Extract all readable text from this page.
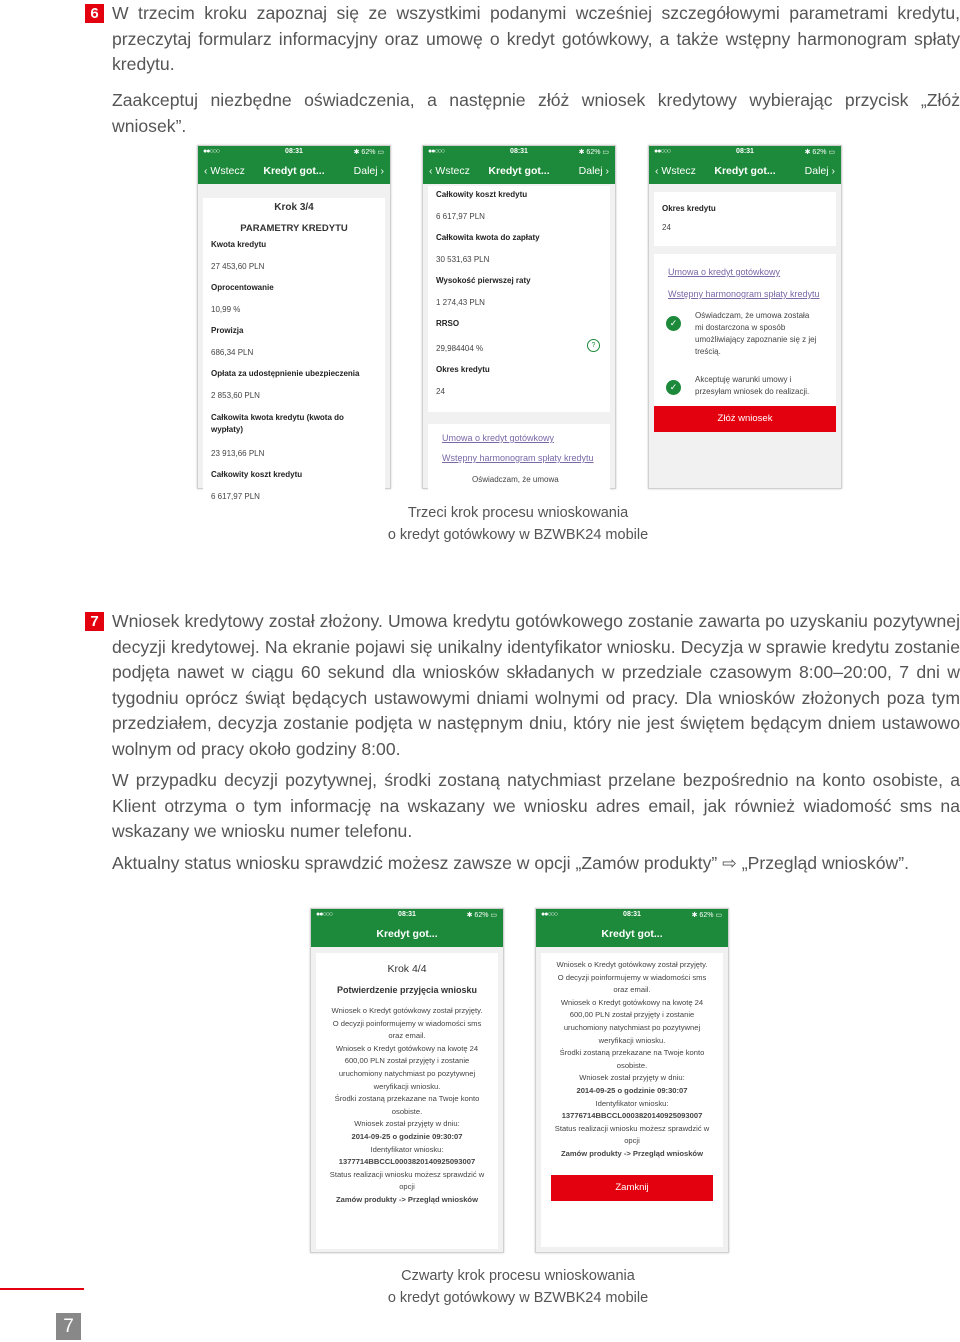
6 W trzecim kroku zapoznaj się ze wszystkimi podanymi wcześniej szczegółowymi parametrami kredytu, przeczytaj formularz informacyjny oraz umowę o kredyt gotówkowy, a także wstępny harmonogram spłaty kredytu.
Zaakceptuj niezbędne oświadczenia, a następnie złóż wniosek kredytowy wybierając przycisk „Złóż wniosek”.
●●○○○	08:31	✱ 62% ▭
‹ Wstecz	Kredyt got...	Dalej ›
Krok 3/4
PARAMETRY KREDYTU
Kwota kredytu
27 453,60 PLN
Oprocentowanie
10,99 %
Prowizja
686,34 PLN
Opłata za udostępnienie ubezpieczenia
2 853,60 PLN
Całkowita kwota kredytu (kwota do wypłaty)
23 913,66 PLN
Całkowity koszt kredytu
6 617,97 PLN
●●○○○	08:31	✱ 62% ▭
‹ Wstecz	Kredyt got...	Dalej ›
Całkowity koszt kredytu
6 617,97 PLN
Całkowita kwota do zapłaty
30 531,63 PLN
Wysokość pierwszej raty
1 274,43 PLN
RRSO
29,984404 %	?
Okres kredytu
24
Umowa o kredyt gotówkowy
Wstępny harmonogram spłaty kredytu
Oświadczam, że umowa
●●○○○	08:31	✱ 62% ▭
‹ Wstecz	Kredyt got...	Dalej ›
Okres kredytu
24
Umowa o kredyt gotówkowy
Wstępny harmonogram spłaty kredytu
✓
Oświadczam, że umowa została mi dostarczona w sposób umożliwiający zapoznanie się z jej treścią.
✓
Akceptuję warunki umowy i przesyłam wniosek do realizacji.
Złóż wniosek
Trzeci krok procesu wnioskowania
o kredyt gotówkowy w BZWBK24 mobile
7 Wniosek kredytowy został złożony. Umowa kredytu gotówkowego zostanie zawarta po uzyskaniu pozytywnej decyzji kredytowej. Na ekranie pojawi się unikalny identyfikator wniosku. Decyzja w sprawie kredytu zostanie podjęta nawet w ciągu 60 sekund dla wniosków składanych w przedziale czasowym 8:00–20:00, 7 dni w tygodniu oprócz świąt będących ustawowymi dniami wolnymi od pracy. Dla wniosków złożonych poza tym przedziałem, decyzja zostanie podjęta w następnym dniu, który nie jest świętem będącym dniem ustawowo wolnym od pracy około godziny 8:00.
W przypadku decyzji pozytywnej, środki zostaną natychmiast przelane bezpośrednio na konto osobiste, a Klient otrzyma o tym informację na wskazany we wniosku adres email, jak również wiadomość sms na wskazany we wniosku numer telefonu.
Aktualny status wniosku sprawdzić możesz zawsze w opcji „Zamów produkty” ⇨ „Przegląd wniosków”.
●●○○○	08:31	✱ 62% ▭
Kredyt got...
Krok 4/4
Potwierdzenie przyjęcia wniosku
Wniosek o Kredyt gotówkowy został przyjęty.
O decyzji poinformujemy w wiadomości sms oraz email.
Wniosek o Kredyt gotówkowy na kwotę 24 600,00 PLN został przyjęty i zostanie uruchomiony natychmiast po pozytywnej weryfikacji wniosku.
Środki zostaną przekazane na Twoje konto osobiste.
Wniosek został przyjęty w dniu:
2014-09-25 o godzinie 09:30:07
Identyfikator wniosku:
1377714BBCCL000382014092509300​7
Status realizacji wniosku możesz sprawdzić w opcji
Zamów produkty -> Przegląd wniosków
●●○○○	08:31	✱ 62% ▭
Kredyt got...
Wniosek o Kredyt gotówkowy został przyjęty.
O decyzji poinformujemy w wiadomości sms oraz email.
Wniosek o Kredyt gotówkowy na kwotę 24 600,00 PLN został przyjęty i zostanie uruchomiony natychmiast po pozytywnej weryfikacji wniosku.
Środki zostaną przekazane na Twoje konto osobiste.
Wniosek został przyjęty w dniu:
2014-09-25 o godzinie 09:30:07
Identyfikator wniosku:
13776714BBCCL0003820140925093007
Status realizacji wniosku możesz sprawdzić w opcji
Zamów produkty -> Przegląd wniosków
Zamknij
Czwarty krok procesu wnioskowania
o kredyt gotówkowy w BZWBK24 mobile
7
